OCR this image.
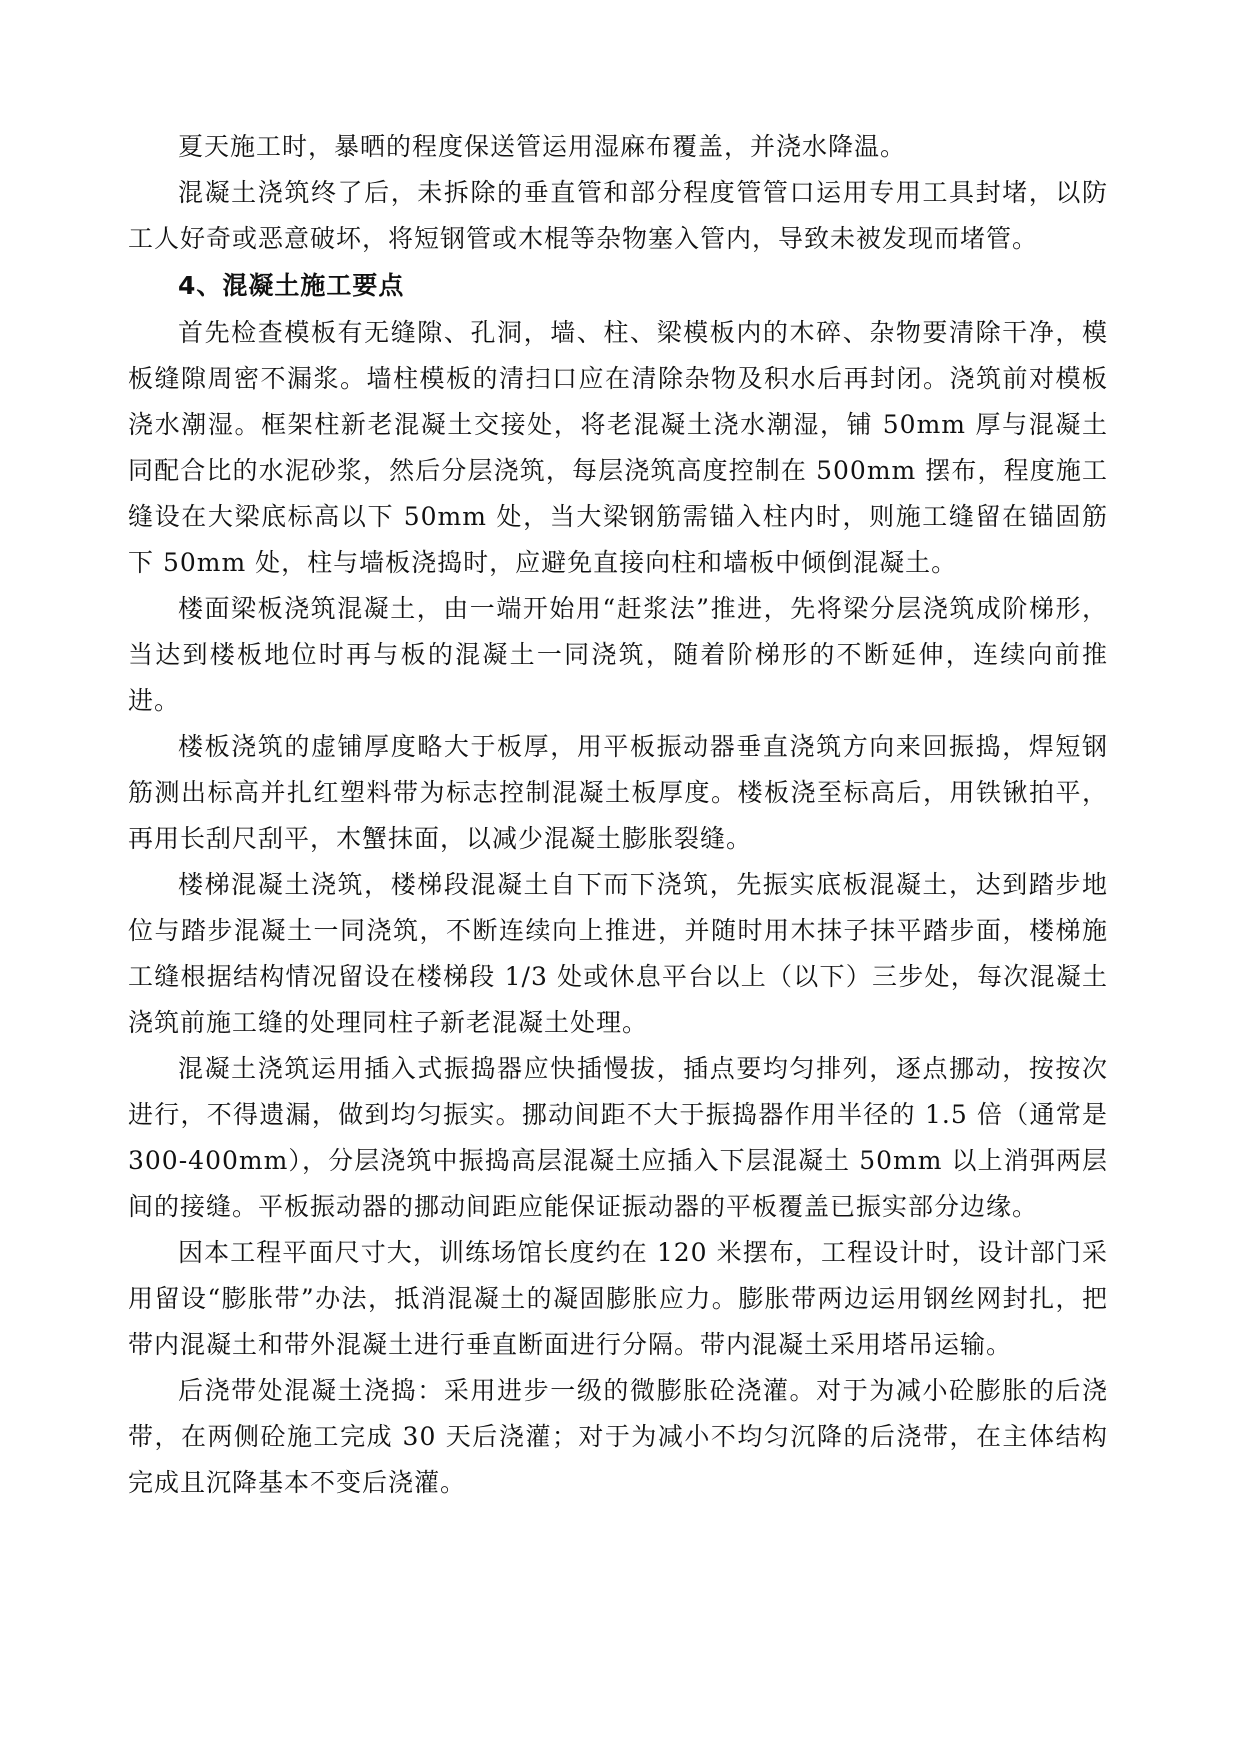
夏天施工时，暴晒的程度保送管运用湿麻布覆盖，并浇水降温。

混凝土浇筑终了后，未拆除的垂直管和部分程度管管口运用专用工具封堵，以防工人好奇或恶意破坏，将短钢管或木棍等杂物塞入管内，导致未被发现而堵管。

4、混凝土施工要点

首先检查模板有无缝隙、孔洞，墙、柱、梁模板内的木碎、杂物要清除干净，模板缝隙周密不漏浆。墙柱模板的清扫口应在清除杂物及积水后再封闭。浇筑前对模板浇水潮湿。框架柱新老混凝土交接处，将老混凝土浇水潮湿，铺 50mm 厚与混凝土同配合比的水泥砂浆，然后分层浇筑，每层浇筑高度控制在 500mm 摆布，程度施工缝设在大梁底标高以下 50mm 处，当大梁钢筋需锚入柱内时，则施工缝留在锚固筋下 50mm 处，柱与墙板浇捣时，应避免直接向柱和墙板中倾倒混凝土。

楼面梁板浇筑混凝土，由一端开始用“赶浆法”推进，先将梁分层浇筑成阶梯形，当达到楼板地位时再与板的混凝土一同浇筑，随着阶梯形的不断延伸，连续向前推进。

楼板浇筑的虚铺厚度略大于板厚，用平板振动器垂直浇筑方向来回振捣，焊短钢筋测出标高并扎红塑料带为标志控制混凝土板厚度。楼板浇至标高后，用铁锹拍平，再用长刮尺刮平，木蟹抹面，以减少混凝土膨胀裂缝。

楼梯混凝土浇筑，楼梯段混凝土自下而下浇筑，先振实底板混凝土，达到踏步地位与踏步混凝土一同浇筑，不断连续向上推进，并随时用木抹子抹平踏步面，楼梯施工缝根据结构情况留设在楼梯段 1/3 处或休息平台以上（以下）三步处，每次混凝土浇筑前施工缝的处理同柱子新老混凝土处理。

混凝土浇筑运用插入式振捣器应快插慢拔，插点要均匀排列，逐点挪动，按按次进行，不得遗漏，做到均匀振实。挪动间距不大于振捣器作用半径的 1.5 倍（通常是 300-400mm），分层浇筑中振捣高层混凝土应插入下层混凝土 50mm 以上消弭两层间的接缝。平板振动器的挪动间距应能保证振动器的平板覆盖已振实部分边缘。

因本工程平面尺寸大，训练场馆长度约在 120 米摆布，工程设计时，设计部门采用留设“膨胀带”办法，抵消混凝土的凝固膨胀应力。膨胀带两边运用钢丝网封扎，把带内混凝土和带外混凝土进行垂直断面进行分隔。带内混凝土采用塔吊运输。

后浇带处混凝土浇捣：采用进步一级的微膨胀砼浇灌。对于为减小砼膨胀的后浇带，在两侧砼施工完成 30 天后浇灌；对于为减小不均匀沉降的后浇带，在主体结构完成且沉降基本不变后浇灌。
